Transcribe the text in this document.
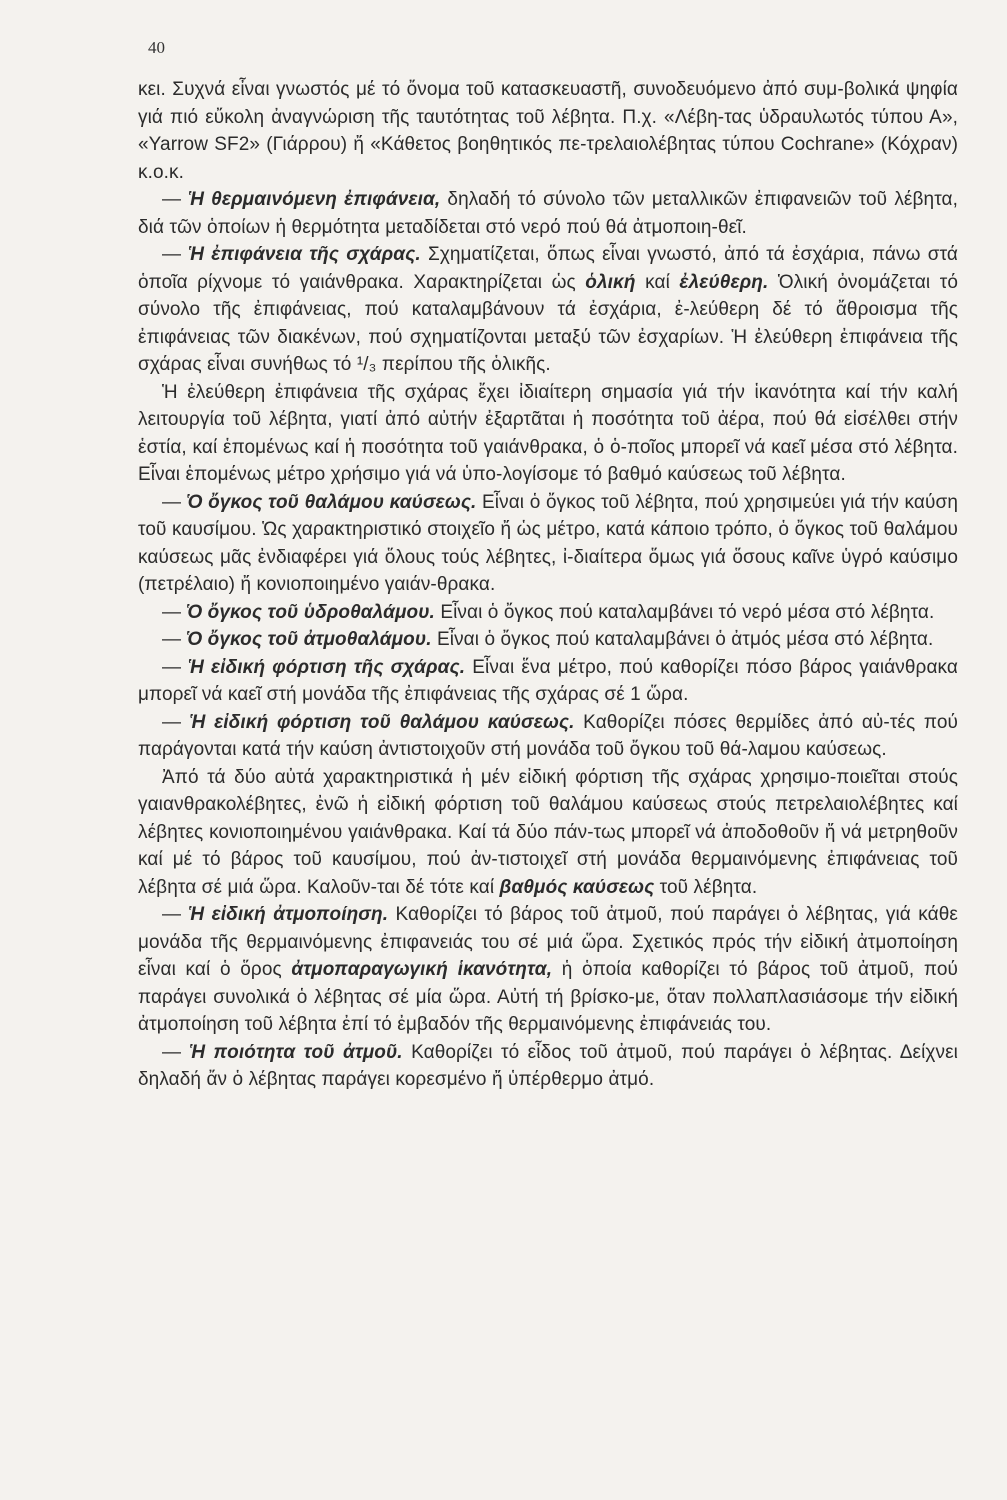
40

κει. Συχνά εἶναι γνωστός μέ τό ὄνομα τοῦ κατασκευαστῆ, συνοδευόμενο ἀπό συμ-βολικά ψηφία γιά πιό εὔκολη ἀναγνώριση τῆς ταυτότητας τοῦ λέβητα. Π.χ. «Λέβη-τας ὑδραυλωτός τύπου Α», «Yarrow SF2» (Γιάρρου) ἤ «Κάθετος βοηθητικός πε-τρελαιολέβητας τύπου Cochrane» (Κόχραν) κ.ο.κ.

— Ἡ θερμαινόμενη ἐπιφάνεια, δηλαδή τό σύνολο τῶν μεταλλικῶν ἐπιφανειῶν τοῦ λέβητα, διά τῶν ὁποίων ἡ θερμότητα μεταδίδεται στό νερό πού θά ἀτμοποιη-θεῖ.

— Ἡ ἐπιφάνεια τῆς σχάρας. Σχηματίζεται, ὅπως εἶναι γνωστό, ἀπό τά ἐσχάρια, πάνω στά ὁποῖα ρίχνομε τό γαιάνθρακα. Χαρακτηρίζεται ὡς ὁλική καί ἐλεύθερη. Ὁλική ὀνομάζεται τό σύνολο τῆς ἐπιφάνειας, πού καταλαμβάνουν τά ἐσχάρια, ἐ-λεύθερη δέ τό ἄθροισμα τῆς ἐπιφάνειας τῶν διακένων, πού σχηματίζονται μεταξύ τῶν ἐσχαρίων. Ἡ ἐλεύθερη ἐπιφάνεια τῆς σχάρας εἶναι συνήθως τό ¹/₃ περίπου τῆς ὁλικῆς.

Ἡ ἐλεύθερη ἐπιφάνεια τῆς σχάρας ἔχει ἰδιαίτερη σημασία γιά τήν ἱκανότητα καί τήν καλή λειτουργία τοῦ λέβητα, γιατί ἀπό αὐτήν ἐξαρτᾶται ἡ ποσότητα τοῦ ἀέρα, πού θά εἰσέλθει στήν ἑστία, καί ἑπομένως καί ἡ ποσότητα τοῦ γαιάνθρακα, ὁ ὁ-ποῖος μπορεῖ νά καεῖ μέσα στό λέβητα. Εἶναι ἑπομένως μέτρο χρήσιμο γιά νά ὑπο-λογίσομε τό βαθμό καύσεως τοῦ λέβητα.

— Ὁ ὄγκος τοῦ θαλάμου καύσεως. Εἶναι ὁ ὄγκος τοῦ λέβητα, πού χρησιμεύει γιά τήν καύση τοῦ καυσίμου. Ὡς χαρακτηριστικό στοιχεῖο ἤ ὡς μέτρο, κατά κάποιο τρόπο, ὁ ὄγκος τοῦ θαλάμου καύσεως μᾶς ἐνδιαφέρει γιά ὅλους τούς λέβητες, ἰ-διαίτερα ὅμως γιά ὅσους καῖνε ὑγρό καύσιμο (πετρέλαιο) ἤ κονιοποιημένο γαιάν-θρακα.

— Ὁ ὄγκος τοῦ ὑδροθαλάμου. Εἶναι ὁ ὄγκος πού καταλαμβάνει τό νερό μέσα στό λέβητα.

— Ὁ ὄγκος τοῦ ἀτμοθαλάμου. Εἶναι ὁ ὄγκος πού καταλαμβάνει ὁ ἀτμός μέσα στό λέβητα.

— Ἡ εἰδική φόρτιση τῆς σχάρας. Εἶναι ἕνα μέτρο, πού καθορίζει πόσο βάρος γαιάνθρακα μπορεῖ νά καεῖ στή μονάδα τῆς ἐπιφάνειας τῆς σχάρας σέ 1 ὥρα.

— Ἡ εἰδική φόρτιση τοῦ θαλάμου καύσεως. Καθορίζει πόσες θερμίδες ἀπό αὐ-τές πού παράγονται κατά τήν καύση ἀντιστοιχοῦν στή μονάδα τοῦ ὄγκου τοῦ θά-λαμου καύσεως.

Ἀπό τά δύο αὐτά χαρακτηριστικά ἡ μέν εἰδική φόρτιση τῆς σχάρας χρησιμο-ποιεῖται στούς γαιανθρακολέβητες, ἐνῶ ἡ εἰδική φόρτιση τοῦ θαλάμου καύσεως στούς πετρελαιολέβητες καί λέβητες κονιοποιημένου γαιάνθρακα. Καί τά δύο πάν-τως μπορεῖ νά ἀποδοθοῦν ἤ νά μετρηθοῦν καί μέ τό βάρος τοῦ καυσίμου, πού ἀν-τιστοιχεῖ στή μονάδα θερμαινόμενης ἐπιφάνειας τοῦ λέβητα σέ μιά ὥρα. Καλοῦν-ται δέ τότε καί βαθμός καύσεως τοῦ λέβητα.

— Ἡ εἰδική ἀτμοποίηση. Καθορίζει τό βάρος τοῦ ἀτμοῦ, πού παράγει ὁ λέβητας, γιά κάθε μονάδα τῆς θερμαινόμενης ἐπιφανειάς του σέ μιά ὥρα. Σχετικός πρός τήν εἰδική ἀτμοποίηση εἶναι καί ὁ ὅρος ἀτμοπαραγωγική ἱκανότητα, ἡ ὁποία καθορίζει τό βάρος τοῦ ἀτμοῦ, πού παράγει συνολικά ὁ λέβητας σέ μία ὥρα. Αὐτή τή βρίσκο-με, ὅταν πολλαπλασιάσομε τήν εἰδική ἀτμοποίηση τοῦ λέβητα ἐπί τό ἐμβαδόν τῆς θερμαινόμενης ἐπιφάνειάς του.

— Ἡ ποιότητα τοῦ ἀτμοῦ. Καθορίζει τό εἶδος τοῦ ἀτμοῦ, πού παράγει ὁ λέβητας. Δείχνει δηλαδή ἄν ὁ λέβητας παράγει κορεσμένο ἤ ὑπέρθερμο ἀτμό.
